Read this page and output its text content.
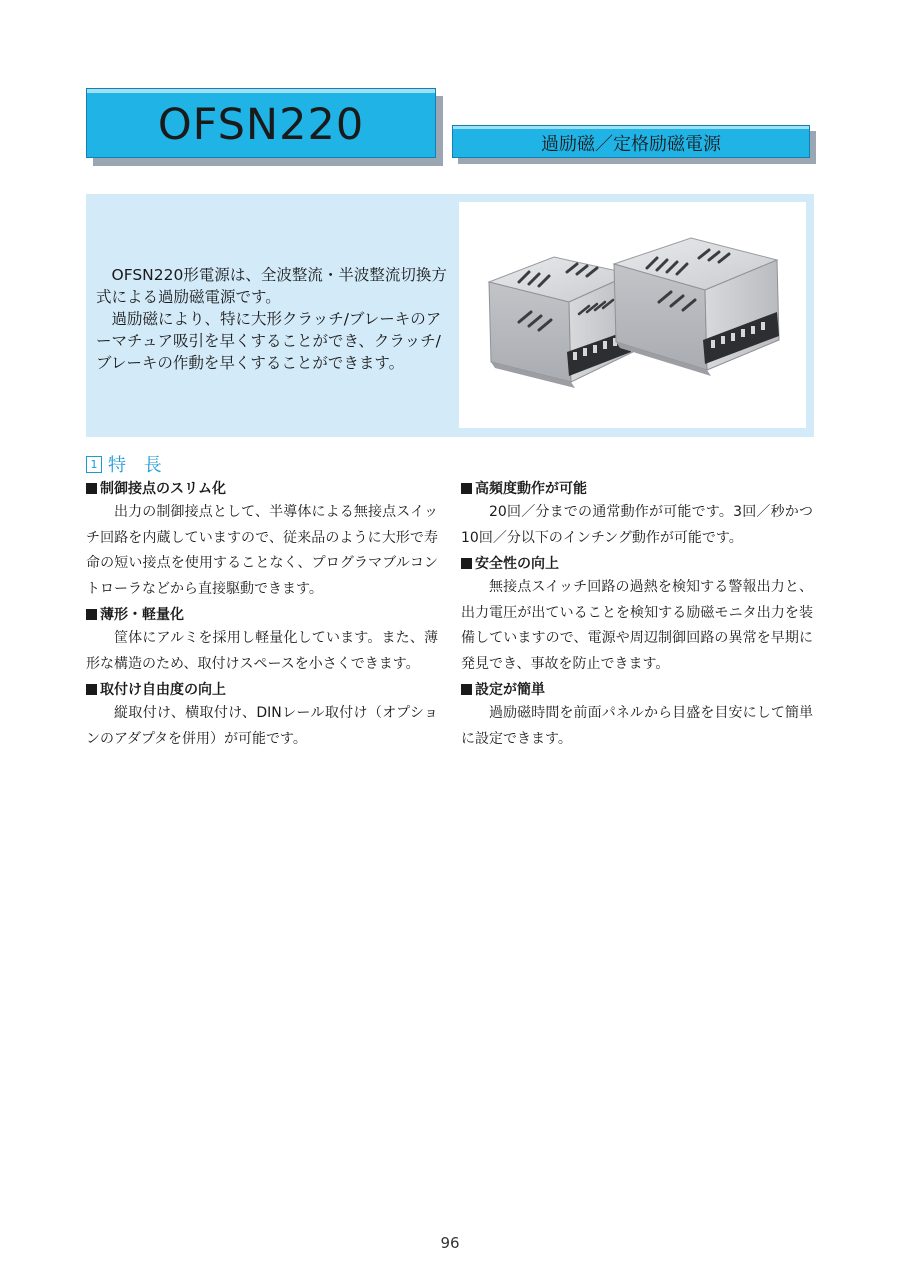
OFSN220	過励磁／定格励磁電源

OFSN220形電源は、全波整流・半波整流切換方式による過励磁電源です。

過励磁により、特に大形クラッチ/ブレーキのアーマチュア吸引を早くすることができ、クラッチ/ブレーキの作動を早くすることができます。

1 特 長
制御接点のスリム化

出力の制御接点として、半導体による無接点スイッチ回路を内蔵していますので、従来品のように大形で寿命の短い接点を使用することなく、プログラマブルコントローラなどから直接駆動できます。

薄形・軽量化

筐体にアルミを採用し軽量化しています。また、薄形な構造のため、取付けスペースを小さくできます。

取付け自由度の向上

縦取付け、横取付け、DINレール取付け（オプションのアダプタを併用）が可能です。

高頻度動作が可能

20回／分までの通常動作が可能です。3回／秒かつ10回／分以下のインチング動作が可能です。

安全性の向上

無接点スイッチ回路の過熱を検知する警報出力と、出力電圧が出ていることを検知する励磁モニタ出力を装備していますので、電源や周辺制御回路の異常を早期に発見でき、事故を防止できます。

設定が簡単

過励磁時間を前面パネルから目盛を目安にして簡単に設定できます。

96
